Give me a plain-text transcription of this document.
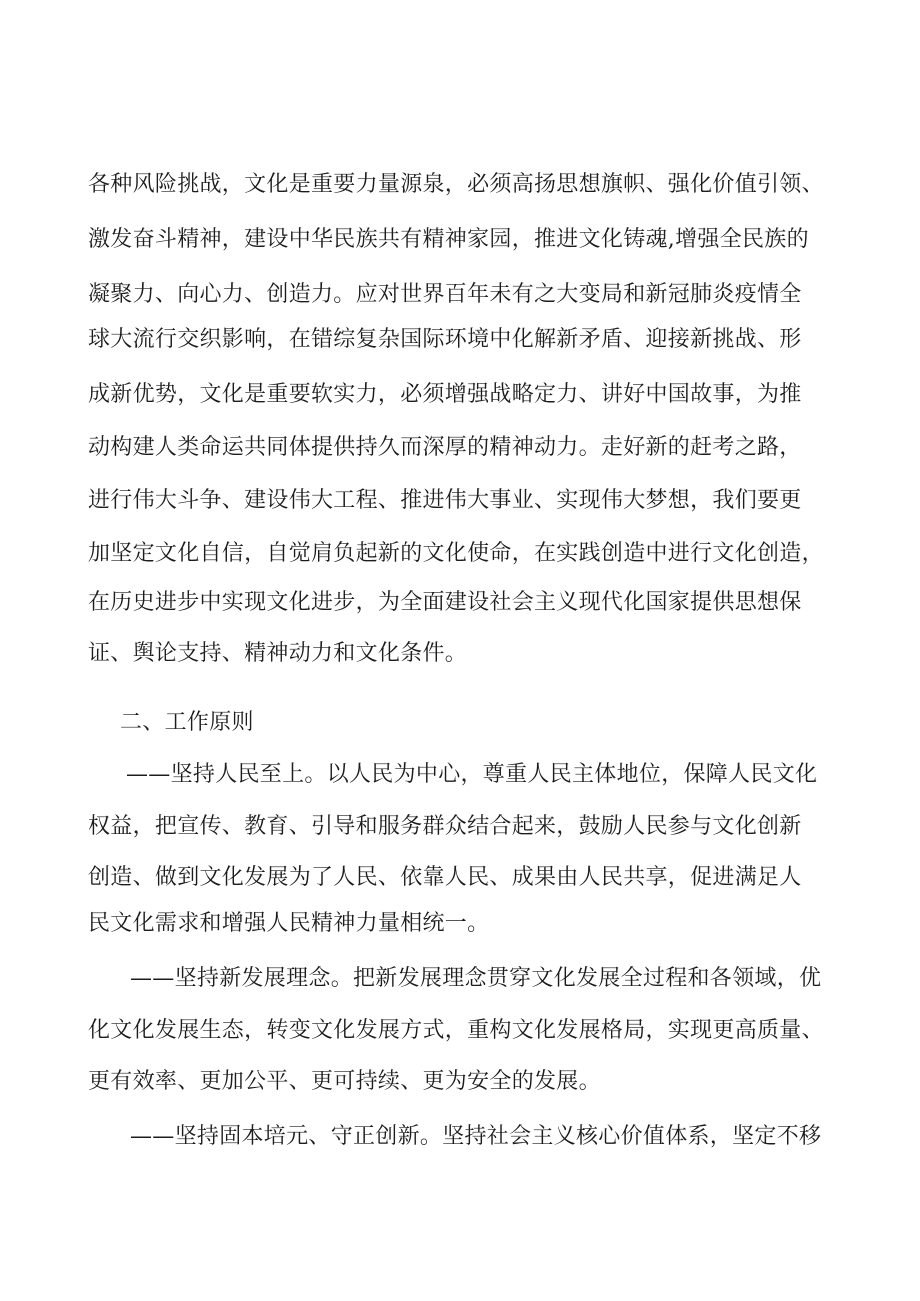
各种风险挑战，文化是重要力量源泉，必须高扬思想旗帜、强化价值引领、
激发奋斗精神，建设中华民族共有精神家园，推进文化铸魂,增强全民族的
凝聚力、向心力、创造力。应对世界百年未有之大变局和新冠肺炎疫情全
球大流行交织影响，在错综复杂国际环境中化解新矛盾、迎接新挑战、形
成新优势，文化是重要软实力，必须增强战略定力、讲好中国故事，为推
动构建人类命运共同体提供持久而深厚的精神动力。走好新的赶考之路，
进行伟大斗争、建设伟大工程、推进伟大事业、实现伟大梦想，我们要更
加坚定文化自信，自觉肩负起新的文化使命，在实践创造中进行文化创造，
在历史进步中实现文化进步，为全面建设社会主义现代化国家提供思想保
证、舆论支持、精神动力和文化条件。
二、工作原则
——坚持人民至上。以人民为中心，尊重人民主体地位，保障人民文化
权益，把宣传、教育、引导和服务群众结合起来，鼓励人民参与文化创新
创造、做到文化发展为了人民、依靠人民、成果由人民共享，促进满足人
民文化需求和增强人民精神力量相统一。
——坚持新发展理念。把新发展理念贯穿文化发展全过程和各领域，优
化文化发展生态，转变文化发展方式，重构文化发展格局，实现更高质量、
更有效率、更加公平、更可持续、更为安全的发展。
——坚持固本培元、守正创新。坚持社会主义核心价值体系，坚定不移
